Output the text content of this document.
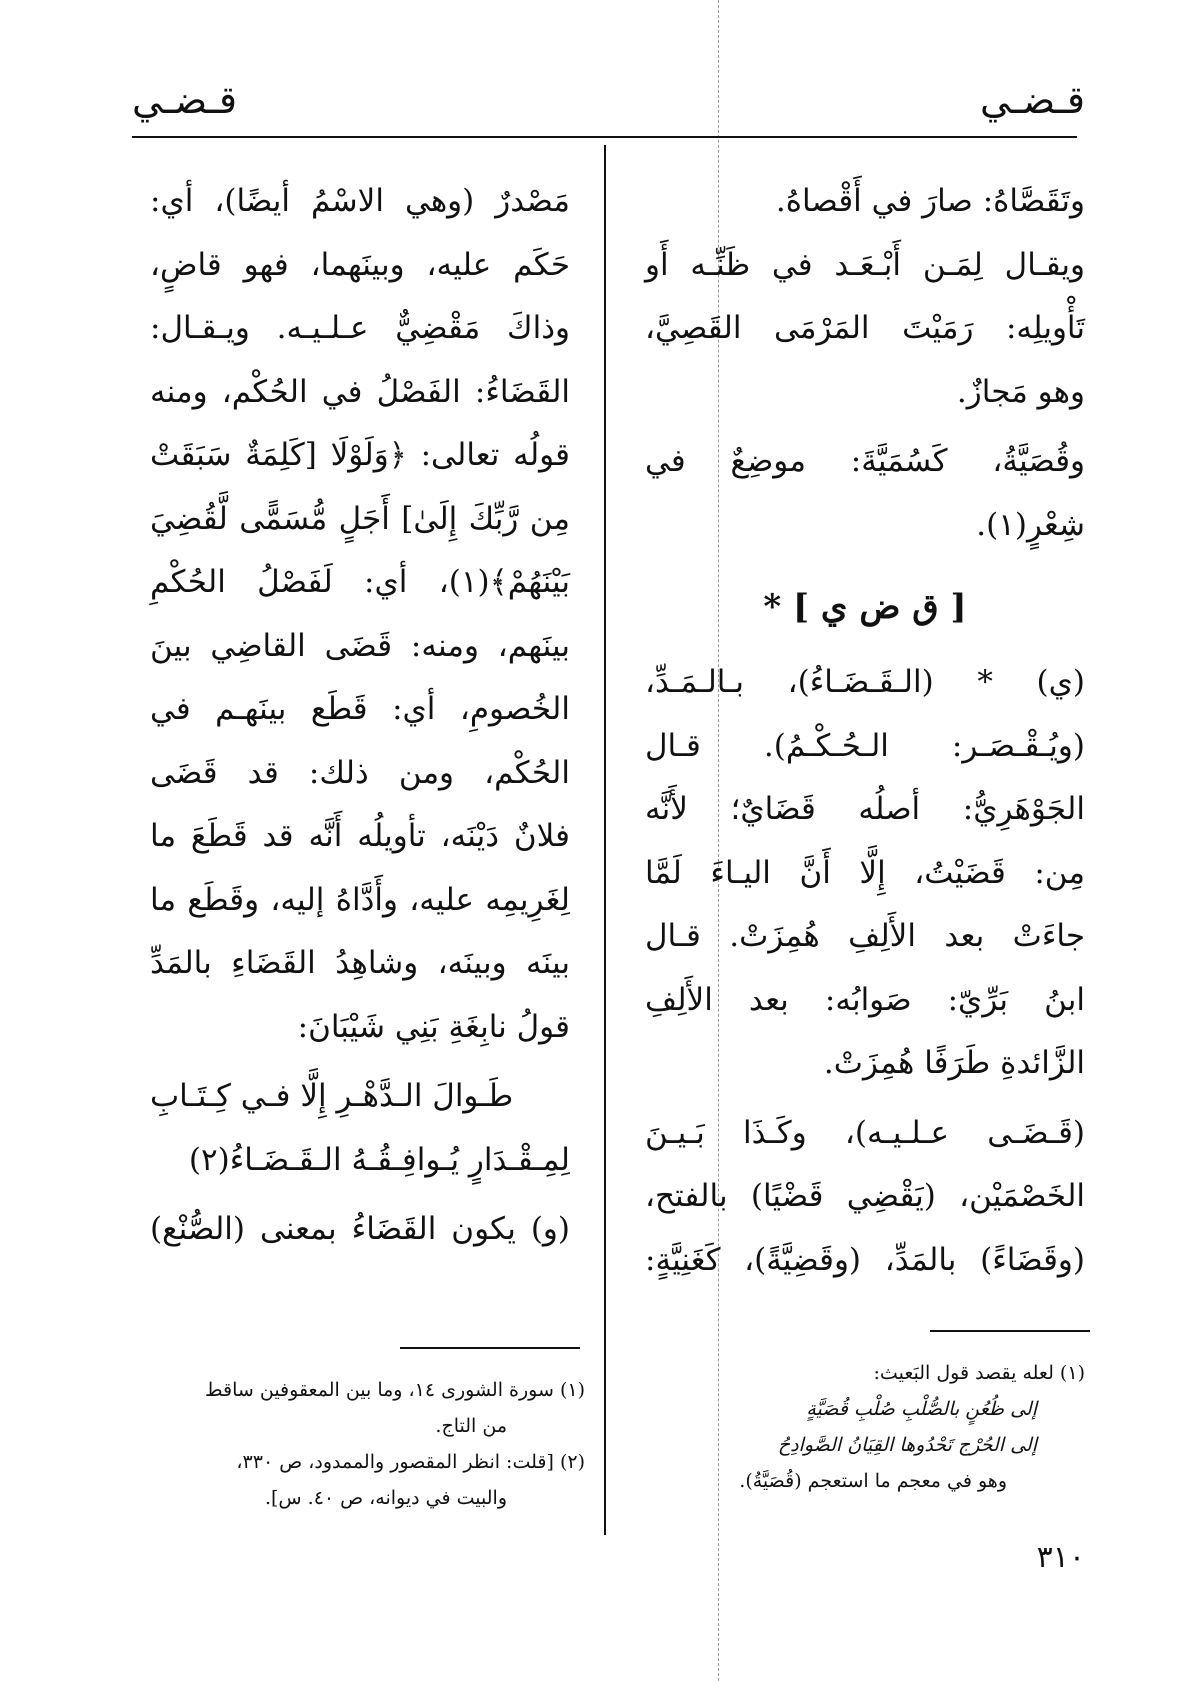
قـضـي
قـضـي
وتَقَصَّاهُ: صارَ في أَقْصاهُ.
ويقـال لِمَـن أَبْـعَـد في ظَنِّـه أَو
تَأْويلِه: رَمَيْتَ المَرْمَى القَصِيَّ،
وهو مَجازٌ.
وقُصَيَّةُ، كَسُمَيَّةَ: موضِعٌ في
شِعْرٍ(١).
[ ق ض ي ] *
(ي) * (الـقَـضَـاءُ)، بـالـمَـدِّ،
(ويُـقْـصَـر: الـحُـكْـمُ). قـال
الجَوْهَرِيُّ: أصلُه قَضَايٌ؛ لأَنَّه
مِن: قَضَيْتُ، إِلَّا أَنَّ اليـاءَ لَمَّا
جاءَتْ بعد الأَلِفِ هُمِزَتْ. قـال
ابنُ بَرِّيّ: صَوابُه: بعد الأَلِفِ
الزَّائدةِ طَرَفًا هُمِزَتْ.
(قَـضَـى عـلـيـه)، وكَـذَا بَـيـنَ
الخَصْمَيْن، (يَقْضِي قَضْيًا) بالفتح،
(وقَضَاءً) بالمَدِّ، (وقَضِيَّةً)، كَغَنِيَّةٍ:
مَصْدرٌ (وهي الاسْمُ أيضًا)، أي:
حَكَم عليه، وبينَهما، فهو قاضٍ،
وذاكَ مَقْضِيٌّ عـلـيـه. ويـقـال:
القَضَاءُ: الفَصْلُ في الحُكْم، ومنه
قولُه تعالى: ﴿وَلَوْلَا [كَلِمَةٌ سَبَقَتْ
مِن رَّبِّكَ إِلَىٰ] أَجَلٍ مُّسَمًّى لَّقُضِيَ
بَيْنَهُمْ﴾(١)، أي: لَفَصْلُ الحُكْمِ
بينَهم، ومنه: قَضَى القاضِي بينَ
الخُصومِ، أي: قَطَع بينَهـم في
الحُكْم، ومن ذلك: قد قَضَى
فلانٌ دَيْنَه، تأويلُه أَنَّه قد قَطَعَ ما
لِغَرِيمِه عليه، وأَدَّاهُ إليه، وقَطَع ما
بينَه وبينَه، وشاهِدُ القَضَاءِ بالمَدِّ
قولُ نابِغَةِ بَنِي شَيْبَانَ:
طَـوالَ الـدَّهْـرِ إِلَّا فـي كِـتَـابِ
لِمِـقْـدَارٍ يُـوافِـقُـهُ الـقَـضَـاءُ(٢)
(و) يكون القَضَاءُ بمعنى (الصُّنْع)
(١) لعله يقصد قول البَعيث:
إلى ظُعُنٍ بالصُّلْبِ صُلْبِ قُصَيَّةٍ
إلى الحُرْج تَحْدُوها القِيَانُ الصَّوادِحُ
وهو في معجم ما استعجم (قُصَيَّةُ).
(١) سورة الشورى ١٤، وما بين المعقوفين ساقط
من التاج.
(٢) [قلت: انظر المقصور والممدود، ص ٣٣٠،
والبيت في ديوانه، ص ٤٠. س].
٣١٠
